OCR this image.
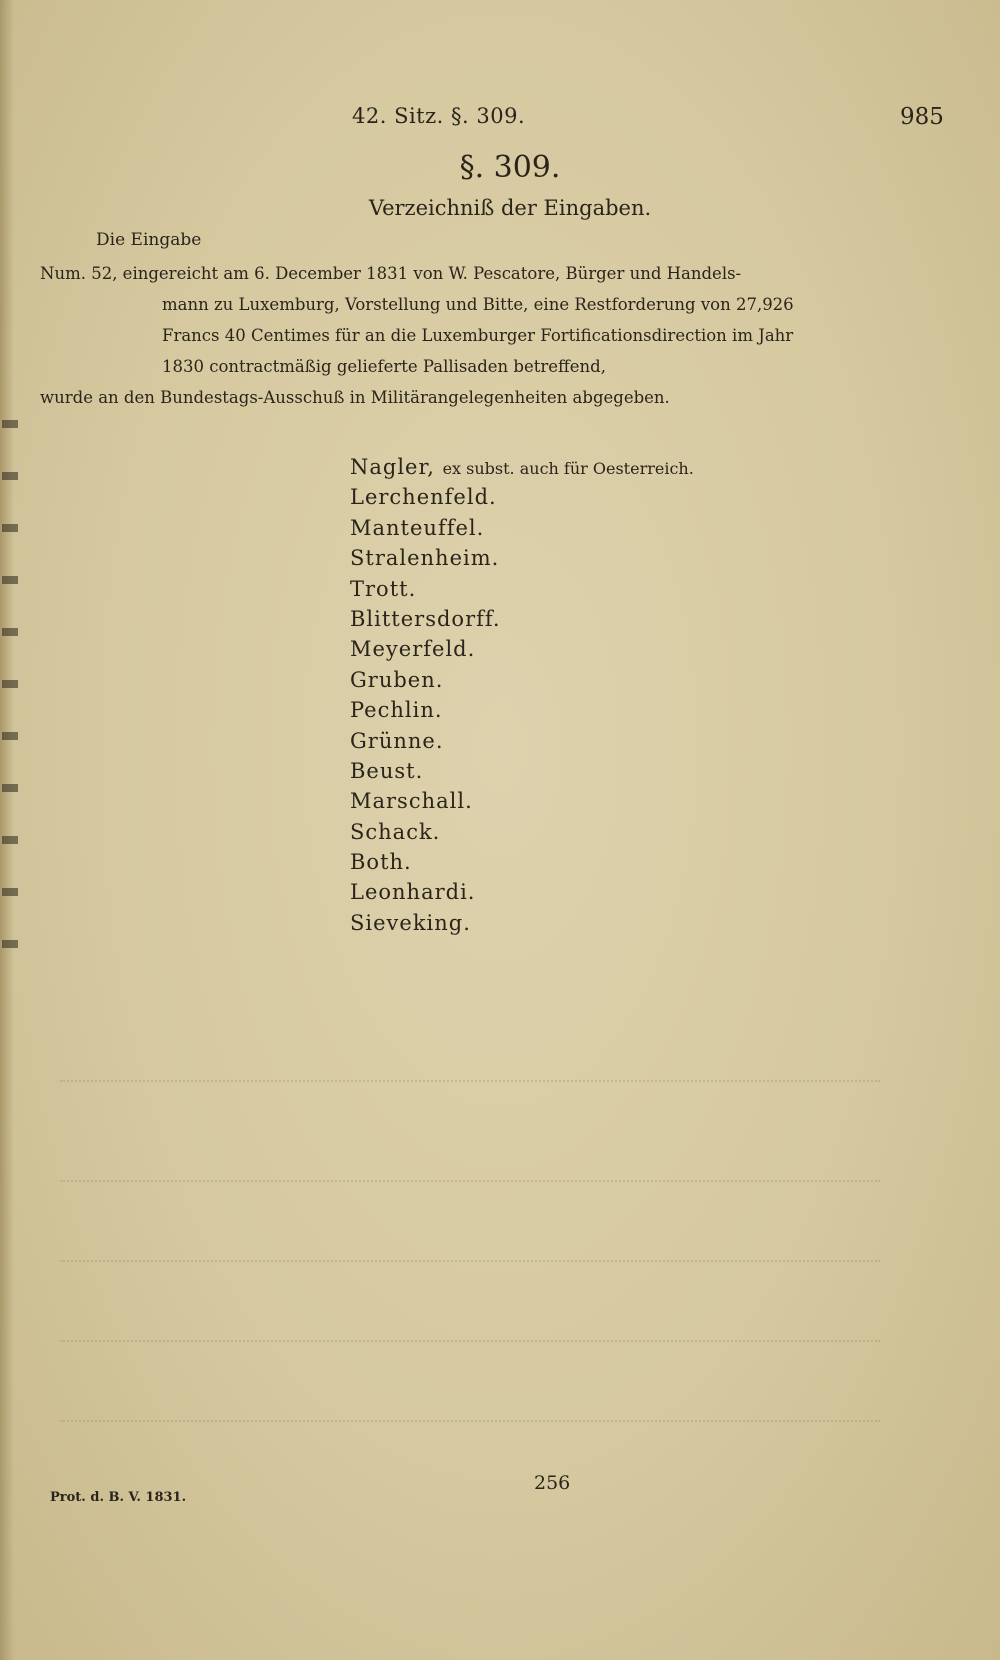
42. Sitz. §. 309.	985
§. 309.
Verzeichniß der Eingaben.
Die Eingabe
Num. 52, eingereicht am 6. December 1831 von W. Pescatore, Bürger und Handels-
mann zu Luxemburg, Vorstellung und Bitte, eine Restforderung von 27,926
Francs 40 Centimes für an die Luxemburger Fortificationsdirection im Jahr
1830 contractmäßig gelieferte Pallisaden betreffend,
wurde an den Bundestags-Ausschuß in Militärangelegenheiten abgegeben.
Nagler, ex subst. auch für Oesterreich.
Lerchenfeld.
Manteuffel.
Stralenheim.
Trott.
Blittersdorff.
Meyerfeld.
Gruben.
Pechlin.
Grünne.
Beust.
Marschall.
Schack.
Both.
Leonhardi.
Sieveking.
Prot. d. B. V. 1831.
256
